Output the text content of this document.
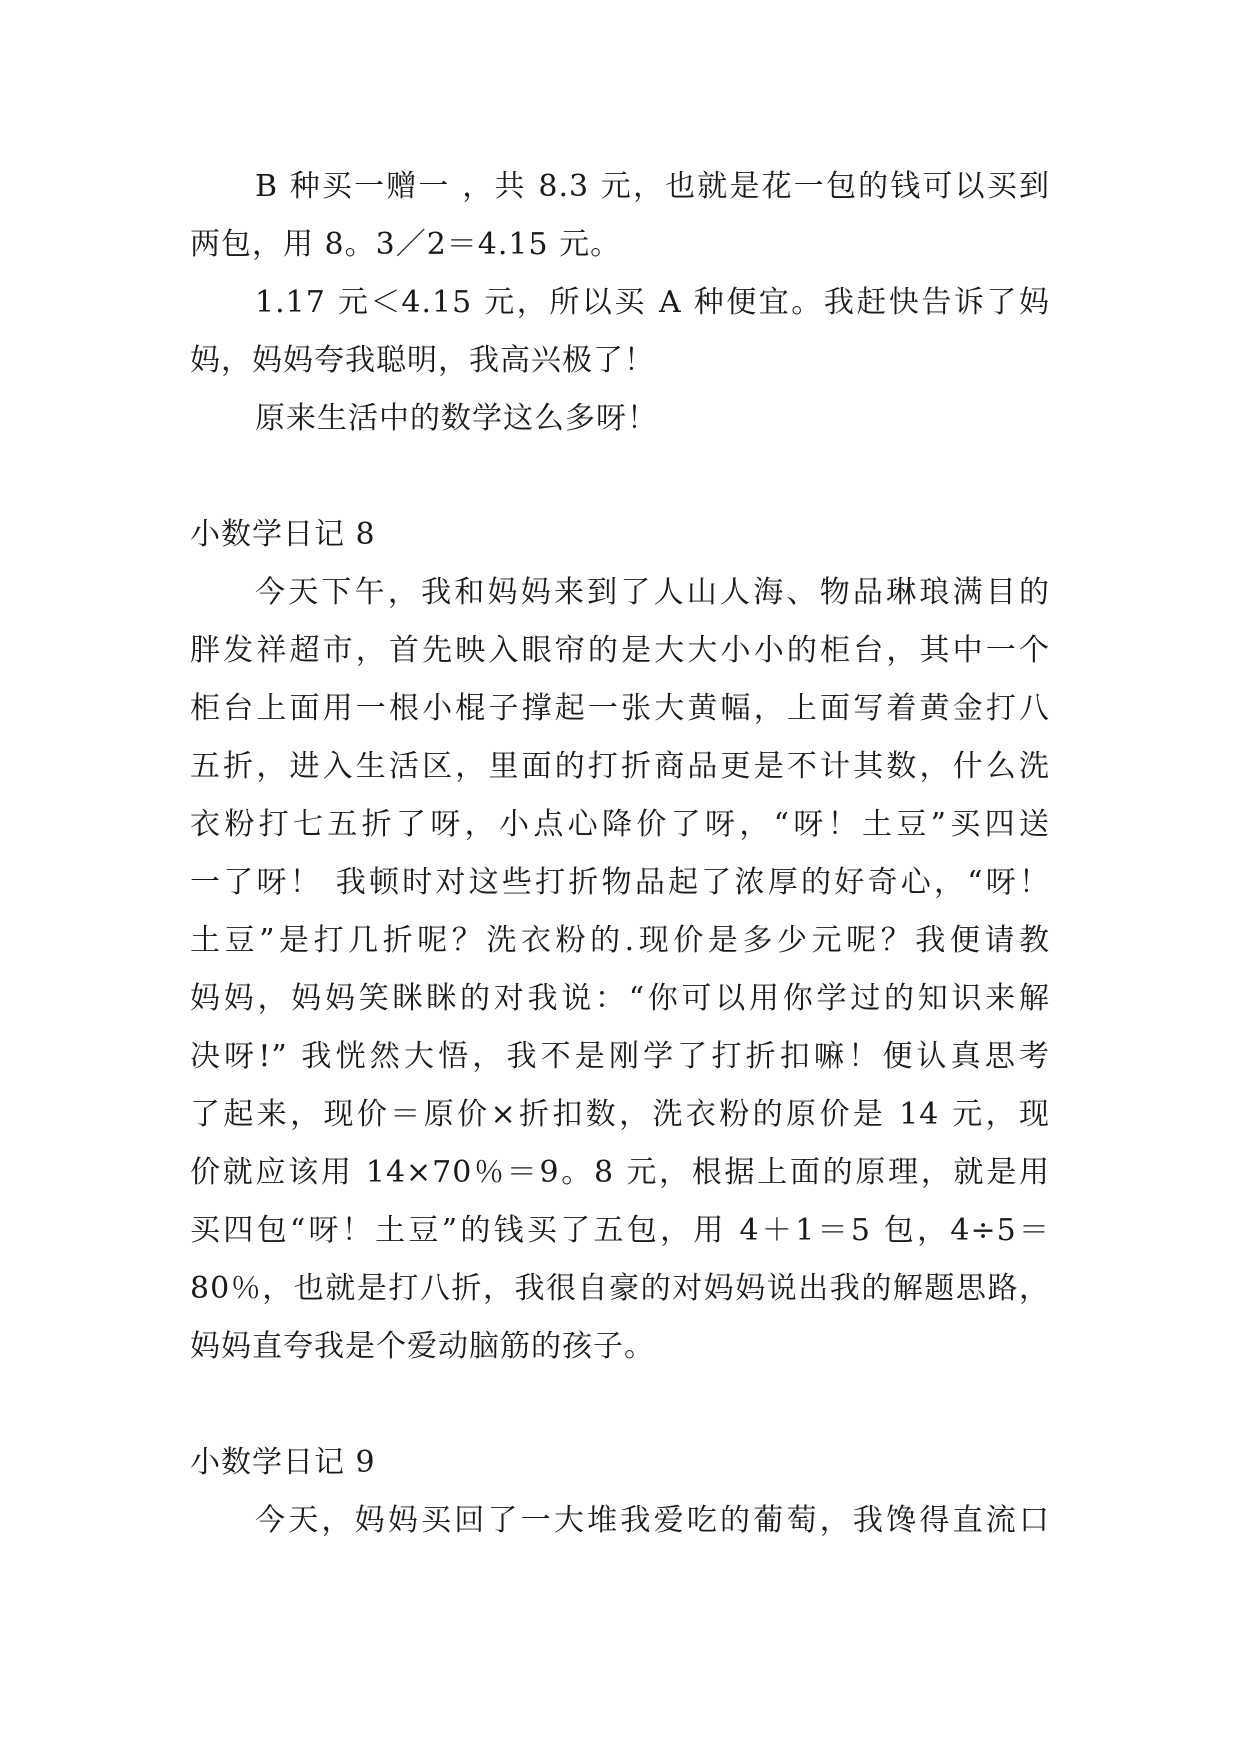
B 种买一赠一 ，共 8.3 元，也就是花一包的钱可以买到
两包，用 8。3／2＝4.15 元。
1.17 元＜4.15 元，所以买 A 种便宜。我赶快告诉了妈
妈，妈妈夸我聪明，我高兴极了！
原来生活中的数学这么多呀！
小数学日记 8
今天下午，我和妈妈来到了人山人海、物品琳琅满目的
胖发祥超市，首先映入眼帘的是大大小小的柜台，其中一个
柜台上面用一根小棍子撑起一张大黄幅，上面写着黄金打八
五折，进入生活区，里面的打折商品更是不计其数，什么洗
衣粉打七五折了呀，小点心降价了呀，“呀！土豆”买四送
一了呀！ 我顿时对这些打折物品起了浓厚的好奇心，“呀！
土豆”是打几折呢？洗衣粉的.现价是多少元呢？我便请教
妈妈，妈妈笑眯眯的对我说：“你可以用你学过的知识来解
决呀!” 我恍然大悟，我不是刚学了打折扣嘛！便认真思考
了起来，现价＝原价×折扣数，洗衣粉的原价是 14 元，现
价就应该用 14×70％＝9。8 元，根据上面的原理，就是用
买四包“呀！土豆”的钱买了五包，用 4＋1＝5 包，4÷5＝
80％，也就是打八折，我很自豪的对妈妈说出我的解题思路，
妈妈直夸我是个爱动脑筋的孩子。
小数学日记 9
今天，妈妈买回了一大堆我爱吃的葡萄，我馋得直流口
